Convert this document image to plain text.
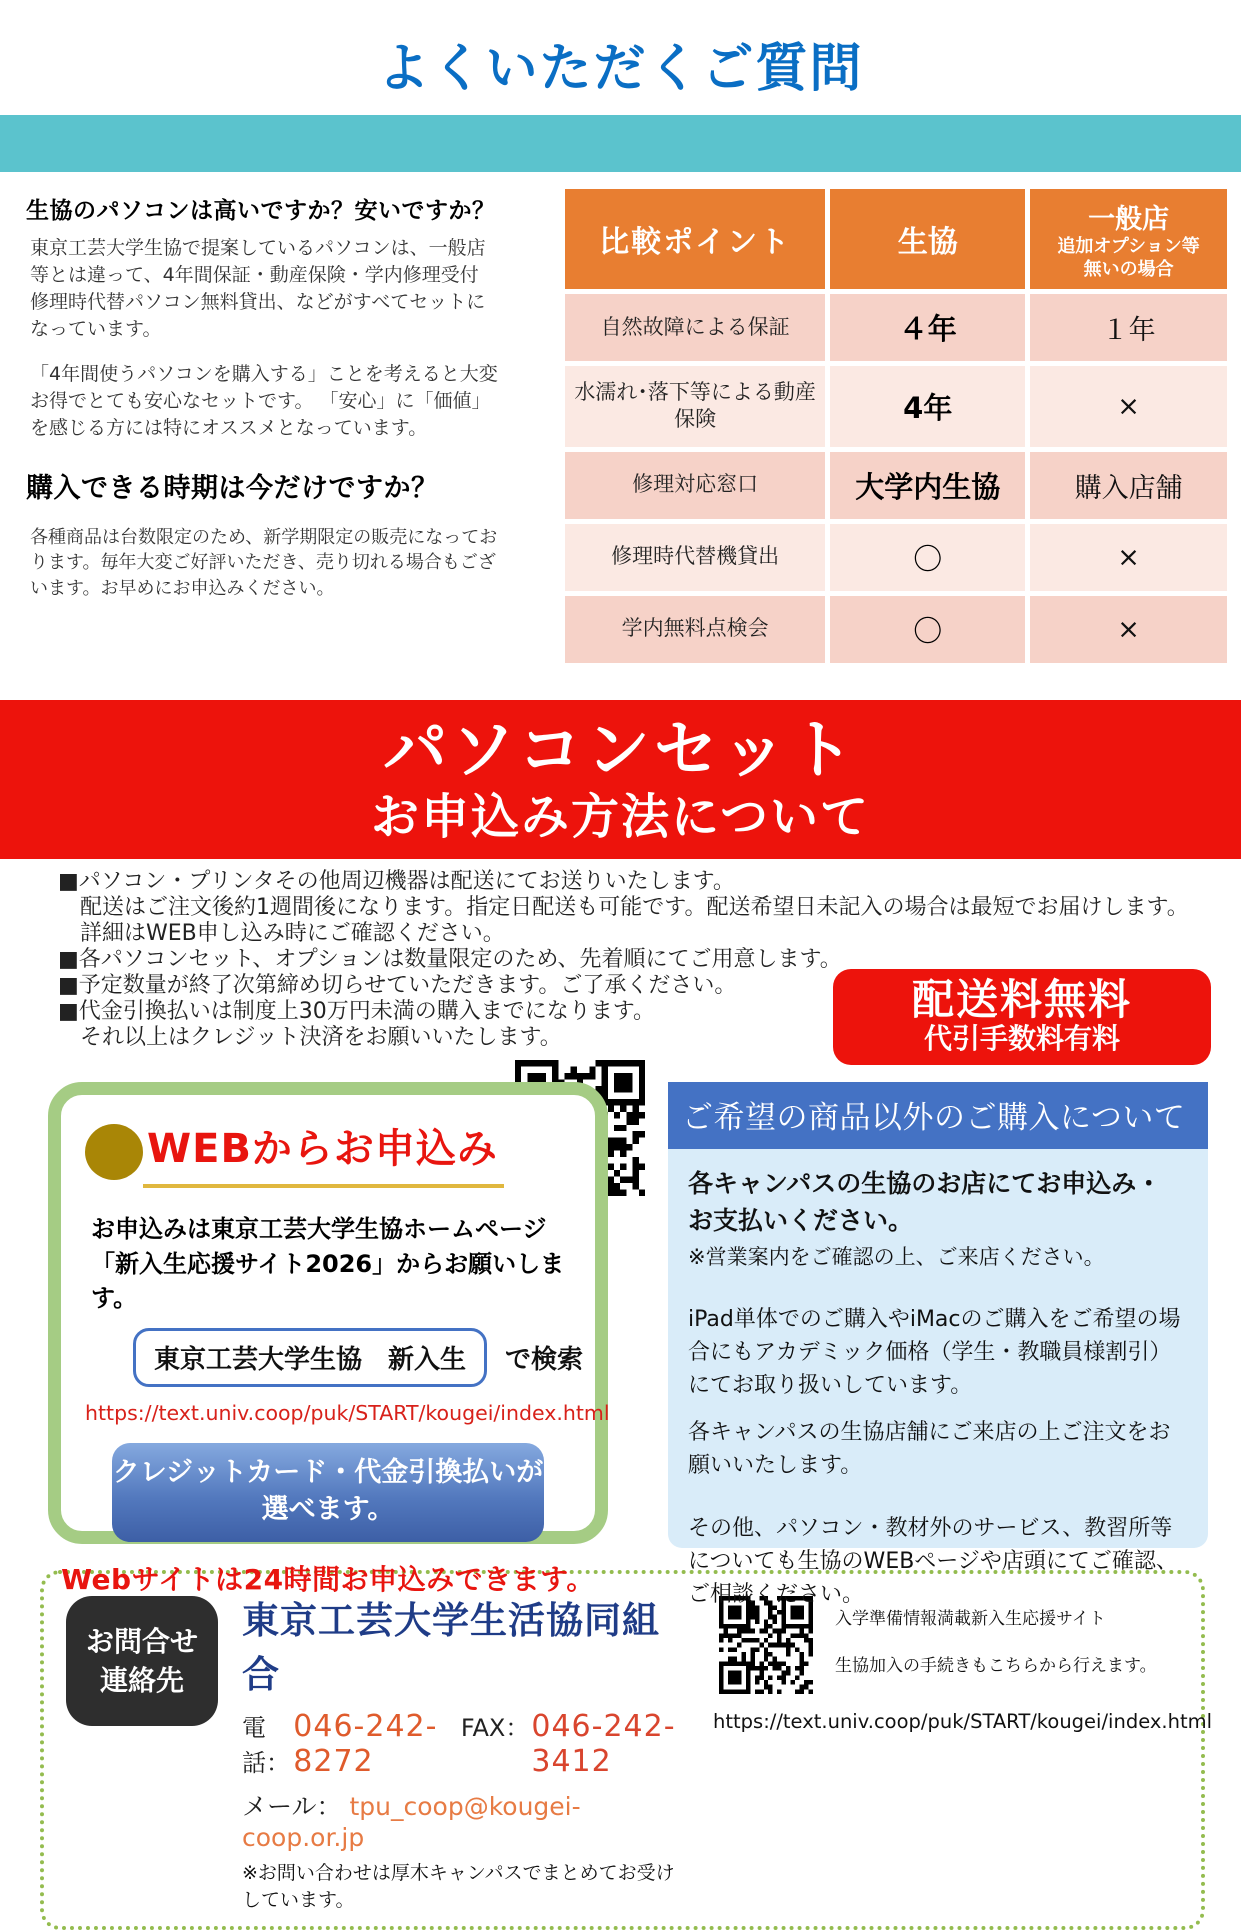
よくいただくご質問
生協のパソコンは高いですか？安いですか？
東京工芸大学生協で提案しているパソコンは、一般店等とは違って、4年間保証・動産保険・学内修理受付 修理時代替パソコン無料貸出、などがすべてセットになっています。
「4年間使うパソコンを購入する」ことを考えると大変お得でとても安心なセットです。 「安心」に「価値」を感じる方には特にオススメとなっています。
購入できる時期は今だけですか？
各種商品は台数限定のため、新学期限定の販売になっております。毎年大変ご好評いただき、売り切れる場合もございます。お早めにお申込みください。
比較ポイント	生協	一般店
追加オプション等
無いの場合

自然故障による保証	４年	１年
水濡れ･落下等による動産保険	4年	×
修理対応窓口	大学内生協	購入店舗
修理時代替機貸出	〇	×
学内無料点検会	〇	×
パソコンセット
お申込み方法について
■パソコン・プリンタその他周辺機器は配送にてお送りいたします。
配送はご注文後約1週間後になります。指定日配送も可能です。配送希望日未記入の場合は最短でお届けします。
詳細はWEB申し込み時にご確認ください。
■各パソコンセット、オプションは数量限定のため、先着順にてご用意します。
■予定数量が終了次第締め切らせていただきます。ご了承ください。
■代金引換払いは制度上30万円未満の購入までになります。
それ以上はクレジット決済をお願いいたします。
配送料無料
代引手数料有料
WEBからお申込み
お申込みは東京工芸大学生協ホームページ
「新入生応援サイト2026」からお願いします。
東京工芸大学生協　新入生	で検索
https://text.univ.coop/puk/START/kougei/index.html
クレジットカード・代金引換払いが
選べます。
Webサイトは24時間お申込みできます。
ご希望の商品以外のご購入について
各キャンパスの生協のお店にてお申込み・
お支払いください。
※営業案内をご確認の上、ご来店ください。
iPad単体でのご購入やiMacのご購入をご希望の場合にもアカデミック価格（学生・教職員様割引）にてお取り扱いしています。
各キャンパスの生協店舗にご来店の上ご注文をお願いいたします。
その他、パソコン・教材外のサービス、教習所等についても生協のWEBページや店頭にてご確認、ご相談ください。
お問合せ
連絡先
東京工芸大学生活協同組合
電話：
046-242-8272
FAX： 046-242-3412
メール： tpu_coop@kougei-coop.or.jp
※お問い合わせは厚木キャンパスでまとめてお受けしています。
入学準備情報満載新入生応援サイト
生協加入の手続きもこちらから行えます。
https://text.univ.coop/puk/START/kougei/index.html
